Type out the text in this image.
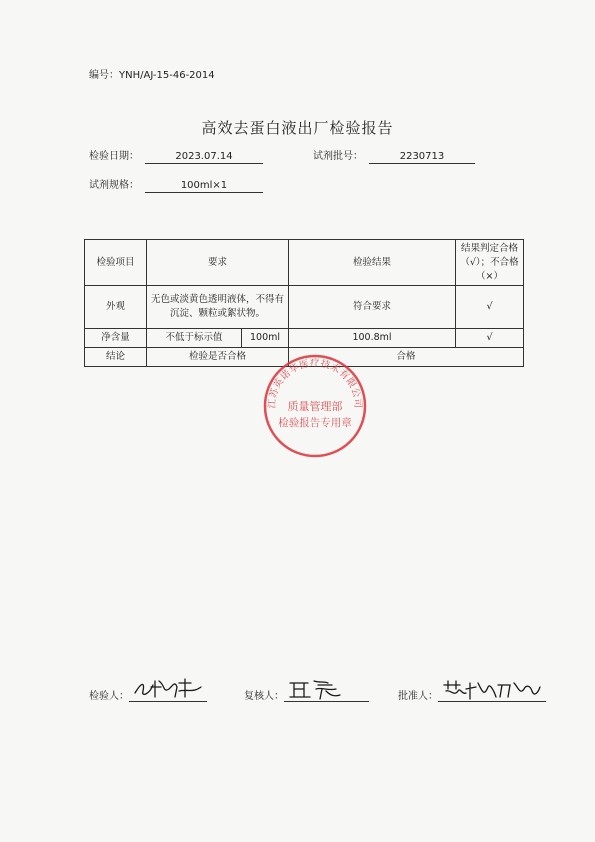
编号：YNH/AJ-15-46-2014
高效去蛋白液出厂检验报告
检验日期：	2023.07.14	试剂批号：	2230713
试剂规格：	100ml×1
检验项目	要求		检验结果	结果判定合格（√）；不合格（×）
外观	无色或淡黄色透明液体，不得有沉淀、颗粒或絮状物。		符合要求	√
净含量	不低于标示值	100ml	100.8ml	√
结论	检验是否合格		合格	
江苏英诺华医疗技术有限公司
质量管理部
检验报告专用章
检验人：	复核人：	批准人：
